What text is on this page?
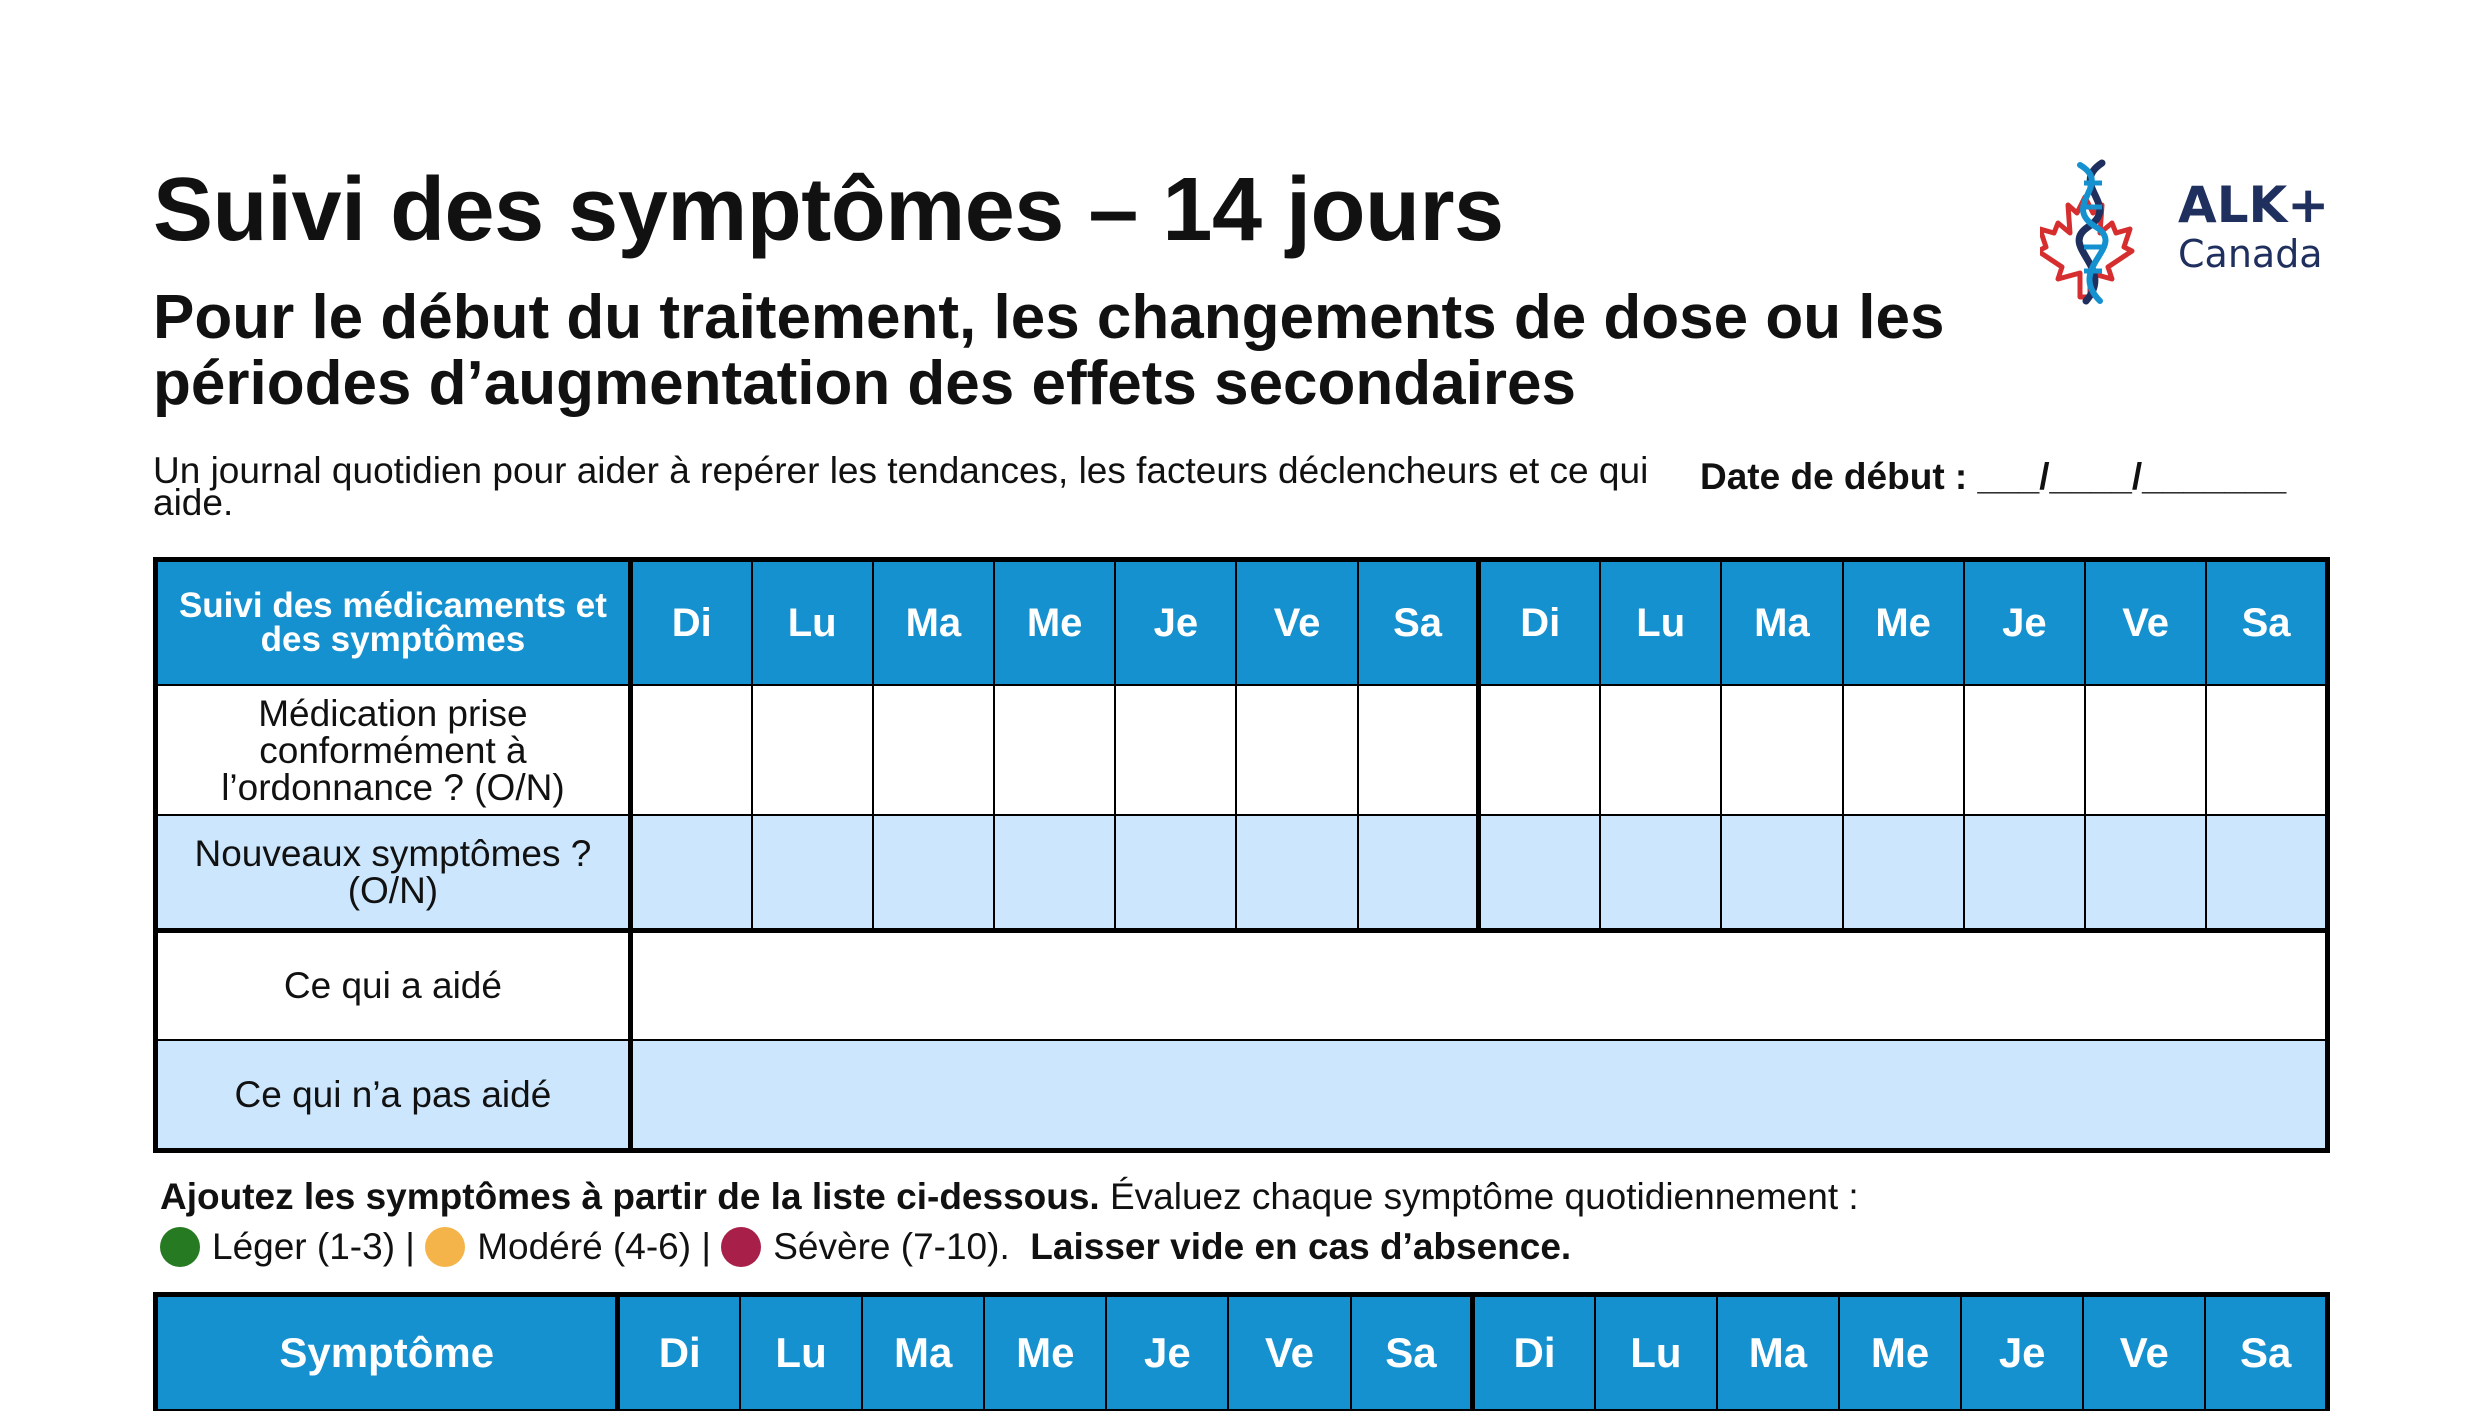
Suivi des symptômes – 14 jours
Pour le début du traitement, les changements de dose ou les périodes d’augmentation des effets secondaires
Un journal quotidien pour aider à repérer les tendances, les facteurs déclencheurs et ce qui aide.
Date de début : ___/____/_______
ALK+
Canada
Suivi des médicaments et des symptômes	Di	Lu	Ma	Me	Je	Ve	Sa	Di	Lu	Ma	Me	Je	Ve	Sa
Médication prise conformément à l’ordonnance ? (O/N)														
Nouveaux symptômes ? (O/N)														
Ce qui a aidé														
Ce qui n’a pas aidé														
Ajoutez les symptômes à partir de la liste ci-dessous. Évaluez chaque symptôme quotidiennement :
Léger (1-3) | Modéré (4-6) | Sévère (7-10). Laisser vide en cas d’absence.
Symptôme	Di	Lu	Ma	Me	Je	Ve	Sa	Di	Lu	Ma	Me	Je	Ve	Sa
